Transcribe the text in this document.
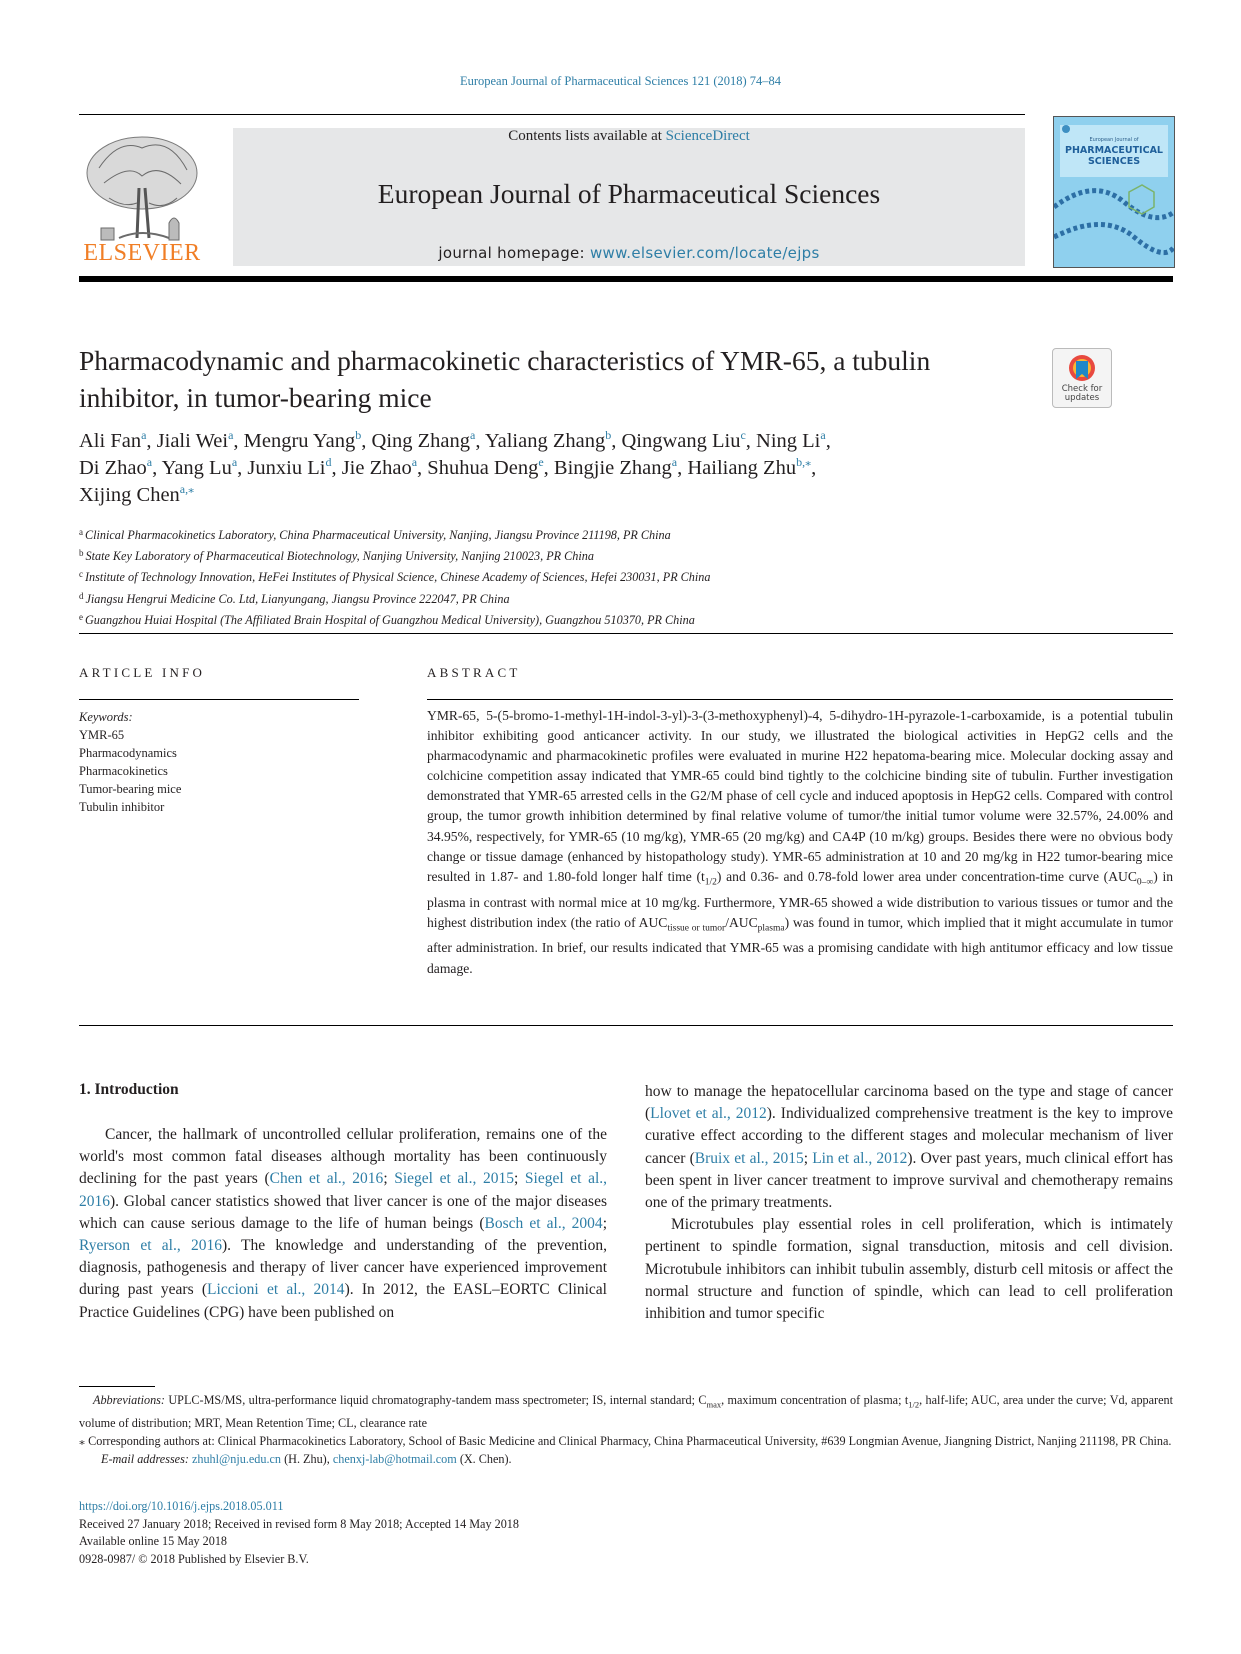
European Journal of Pharmaceutical Sciences 121 (2018) 74–84
ELSEVIER
Contents lists available at ScienceDirect
European Journal of Pharmaceutical Sciences
journal homepage: www.elsevier.com/locate/ejps
European Journal of
PHARMACEUTICAL
SCIENCES
Pharmacodynamic and pharmacokinetic characteristics of YMR-65, a tubulin inhibitor, in tumor-bearing mice	Check for updates
Ali Fan$^a$, Jiali Wei$^a$, Mengru Yang$^b$, Qing Zhang$^a$, Yaliang Zhang$^b$, Qingwang Liu$^c$, Ning Li$^a$,
Di Zhao$^a$, Yang Lu$^a$, Junxiu Li$^d$, Jie Zhao$^a$, Shuhua Deng$^e$, Bingjie Zhang$^a$, Hailiang Zhu$^{b,⁎}$,
Xijing Chen$^{a,⁎}$
$^a$ Clinical Pharmacokinetics Laboratory, China Pharmaceutical University, Nanjing, Jiangsu Province 211198, PR China
$^b$ State Key Laboratory of Pharmaceutical Biotechnology, Nanjing University, Nanjing 210023, PR China
$^c$ Institute of Technology Innovation, HeFei Institutes of Physical Science, Chinese Academy of Sciences, Hefei 230031, PR China
$^d$ Jiangsu Hengrui Medicine Co. Ltd, Lianyungang, Jiangsu Province 222047, PR China
$^e$ Guangzhou Huiai Hospital (The Affiliated Brain Hospital of Guangzhou Medical University), Guangzhou 510370, PR China
ARTICLE INFO	ABSTRACT
Keywords:
YMR-65
Pharmacodynamics
Pharmacokinetics
Tumor-bearing mice
Tubulin inhibitor
YMR-65, 5-(5-bromo-1-methyl-1H-indol-3-yl)-3-(3-methoxyphenyl)-4, 5-dihydro-1H-pyrazole-1-carboxamide, is a potential tubulin inhibitor exhibiting good anticancer activity. In our study, we illustrated the biological activities in HepG2 cells and the pharmacodynamic and pharmacokinetic profiles were evaluated in murine H22 hepatoma-bearing mice. Molecular docking assay and colchicine competition assay indicated that YMR-65 could bind tightly to the colchicine binding site of tubulin. Further investigation demonstrated that YMR-65 arrested cells in the G2/M phase of cell cycle and induced apoptosis in HepG2 cells. Compared with control group, the tumor growth inhibition determined by final relative volume of tumor/the initial tumor volume were 32.57%, 24.00% and 34.95%, respectively, for YMR-65 (10 mg/kg), YMR-65 (20 mg/kg) and CA4P (10 m/kg) groups. Besides there were no obvious body change or tissue damage (enhanced by histopathology study). YMR-65 administration at 10 and 20 mg/kg in H22 tumor-bearing mice resulted in 1.87- and 1.80-fold longer half time $(t_{1/2})$ and 0.36- and 0.78-fold lower area under concentration-time curve $(AUC_{0-\infty})$ in plasma in contrast with normal mice at 10 mg/kg. Furthermore, YMR-65 showed a wide distribution to various tissues or tumor and the highest distribution index (the ratio of $AUC_{tissue or tumor}/AUC_{plasma}$) was found in tumor, which implied that it might accumulate in tumor after administration. In brief, our results indicated that YMR-65 was a promising candidate with high antitumor efficacy and low tissue damage.
1. Introduction

Cancer, the hallmark of uncontrolled cellular proliferation, remains one of the world's most common fatal diseases although mortality has been continuously declining for the past years (Chen et al., 2016; Siegel et al., 2015; Siegel et al., 2016). Global cancer statistics showed that liver cancer is one of the major diseases which can cause serious damage to the life of human beings (Bosch et al., 2004; Ryerson et al., 2016). The knowledge and understanding of the prevention, diagnosis, pathogenesis and therapy of liver cancer have experienced improvement during past years (Liccioni et al., 2014). In 2012, the EASL–EORTC Clinical Practice Guidelines (CPG) have been published on

how to manage the hepatocellular carcinoma based on the type and stage of cancer (Llovet et al., 2012). Individualized comprehensive treatment is the key to improve curative effect according to the different stages and molecular mechanism of liver cancer (Bruix et al., 2015; Lin et al., 2012). Over past years, much clinical effort has been spent in liver cancer treatment to improve survival and chemotherapy remains one of the primary treatments.

Microtubules play essential roles in cell proliferation, which is intimately pertinent to spindle formation, signal transduction, mitosis and cell division. Microtubule inhibitors can inhibit tubulin assembly, disturb cell mitosis or affect the normal structure and function of spindle, which can lead to cell proliferation inhibition and tumor specific

Abbreviations: UPLC-MS/MS, ultra-performance liquid chromatography-tandem mass spectrometer; IS, internal standard; $C_{max}$, maximum concentration of plasma; $t_{1/2}$, half-life; AUC, area under the curve; Vd, apparent volume of distribution; MRT, Mean Retention Time; CL, clearance rate

⁎ Corresponding authors at: Clinical Pharmacokinetics Laboratory, School of Basic Medicine and Clinical Pharmacy, China Pharmaceutical University, #639 Longmian Avenue, Jiangning District, Nanjing 211198, PR China.

E-mail addresses: zhuhl@nju.edu.cn (H. Zhu), chenxj-lab@hotmail.com (X. Chen).

https://doi.org/10.1016/j.ejps.2018.05.011

Received 27 January 2018; Received in revised form 8 May 2018; Accepted 14 May 2018

Available online 15 May 2018

0928-0987/ © 2018 Published by Elsevier B.V.
